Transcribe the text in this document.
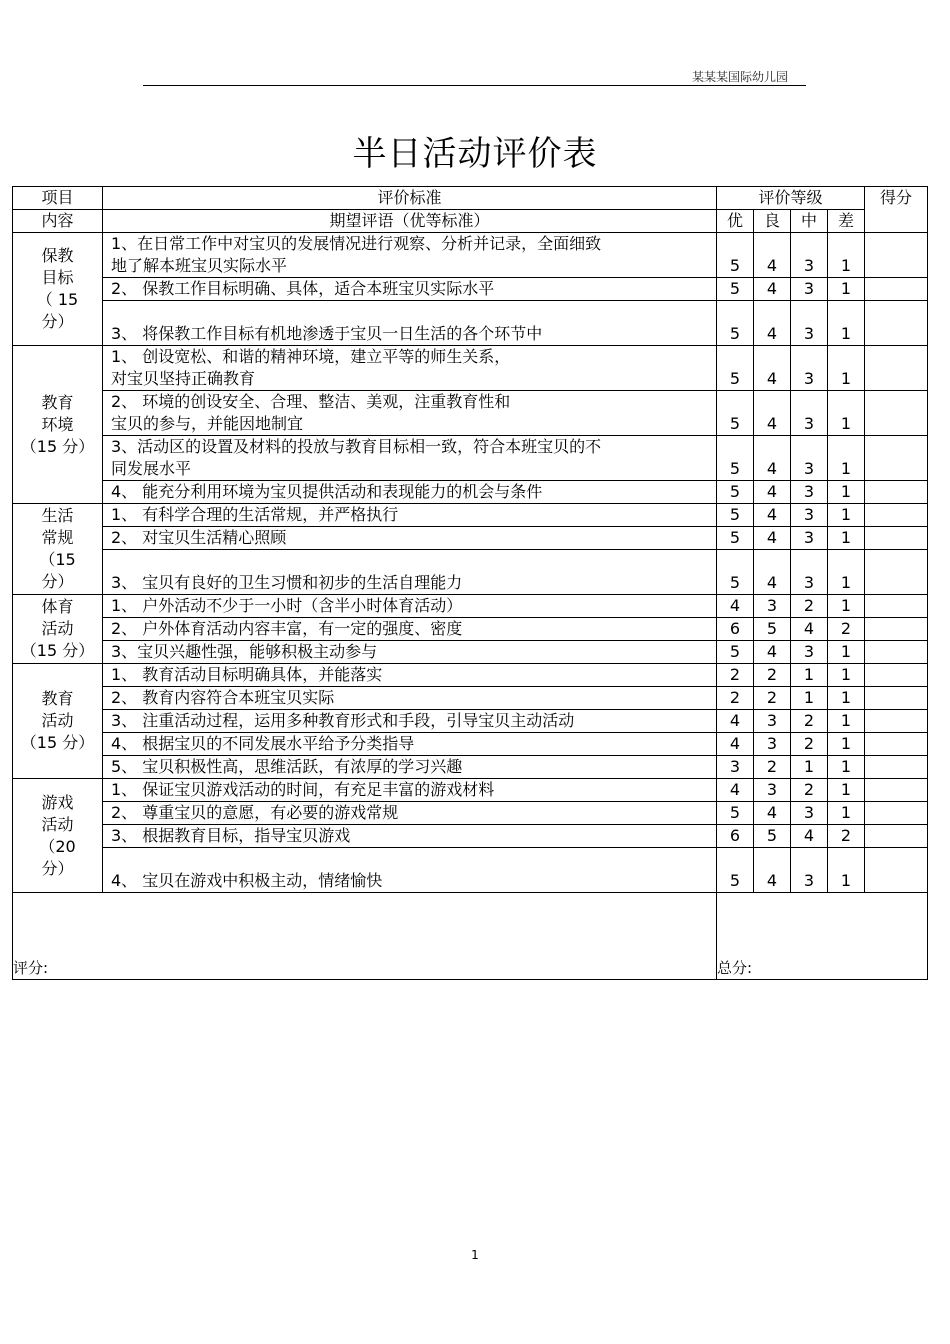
某某某国际幼儿园
半日活动评价表
项目	评价标准	评价等级				得分
内容	期望评语（优等标准）	优	良	中	差	
保教
目标
（ 15
分）	1、在日常工作中对宝贝的发展情况进行观察、分析并记录，全面细致
地了解本班宝贝实际水平	5	4	3	1	
	2、 保教工作目标明确、具体，适合本班宝贝实际水平	5	4	3	1	
	3、 将保教工作目标有机地渗透于宝贝一日生活的各个环节中	5	4	3	1	
教育
环境
（15 分）	1、 创设宽松、和谐的精神环境，建立平等的师生关系，
对宝贝坚持正确教育	5	4	3	1	
	2、 环境的创设安全、合理、整洁、美观，注重教育性和
宝贝的参与，并能因地制宜	5	4	3	1	
	3、活动区的设置及材料的投放与教育目标相一致，符合本班宝贝的不
同发展水平	5	4	3	1	
	4、 能充分利用环境为宝贝提供活动和表现能力的机会与条件	5	4	3	1	
生活
常规
（15
分）	1、 有科学合理的生活常规，并严格执行	5	4	3	1	
	2、 对宝贝生活精心照顾	5	4	3	1	
	3、 宝贝有良好的卫生习惯和初步的生活自理能力	5	4	3	1	
体育
活动
（15 分）	1、 户外活动不少于一小时（含半小时体育活动）	4	3	2	1	
	2、 户外体育活动内容丰富，有一定的强度、密度	6	5	4	2	
	3、宝贝兴趣性强，能够积极主动参与	5	4	3	1	
教育
活动
（15 分）	1、 教育活动目标明确具体，并能落实	2	2	1	1	
	2、 教育内容符合本班宝贝实际	2	2	1	1	
	3、 注重活动过程，运用多种教育形式和手段，引导宝贝主动活动	4	3	2	1	
	4、 根据宝贝的不同发展水平给予分类指导	4	3	2	1	
	5、 宝贝积极性高，思维活跃，有浓厚的学习兴趣	3	2	1	1	
游戏
活动
（20
分）	1、 保证宝贝游戏活动的时间，有充足丰富的游戏材料	4	3	2	1	
	2、 尊重宝贝的意愿，有必要的游戏常规	5	4	3	1	
	3、 根据教育目标，指导宝贝游戏	6	5	4	2	
	4、 宝贝在游戏中积极主动，情绪愉快	5	4	3	1	
评分:		总分:				
1
